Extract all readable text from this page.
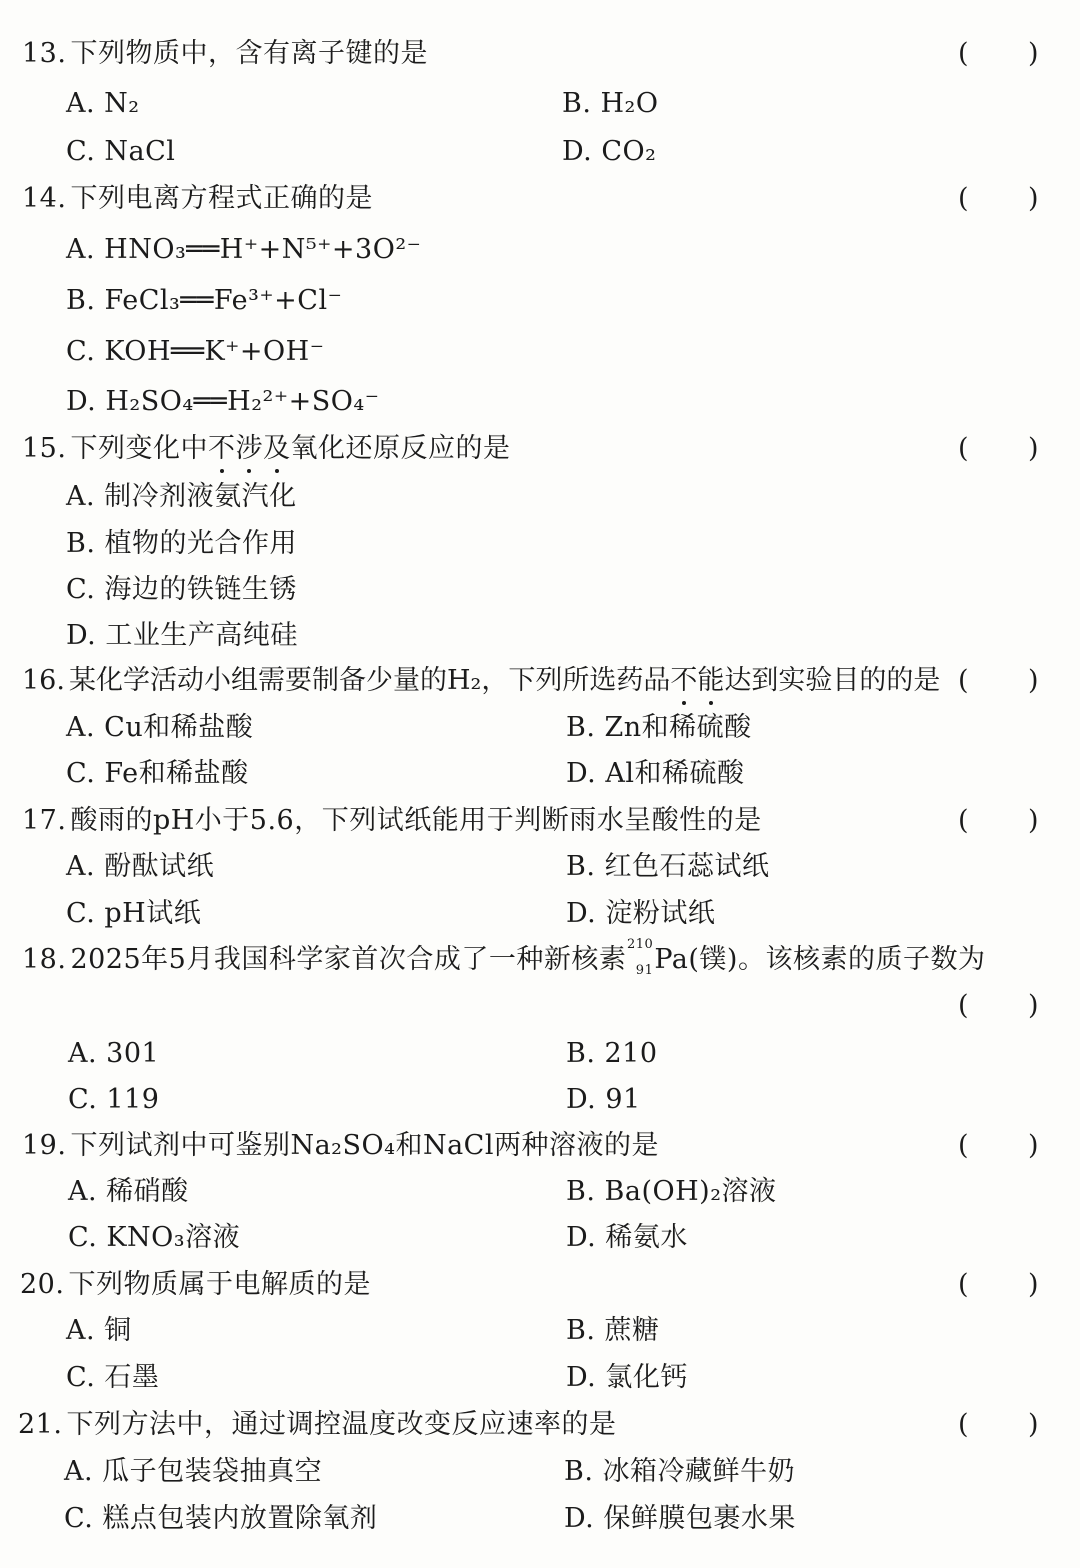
13. 下列物质中，含有离子键的是	( )
A. N₂	B. H₂O
C. NaCl	D. CO₂
14. 下列电离方程式正确的是	( )
A. HNO₃══H⁺+N⁵⁺+3O²⁻
B. FeCl₃══Fe³⁺+Cl⁻
C. KOH══K⁺+OH⁻
D. H₂SO₄══H₂²⁺+SO₄⁻
15. 下列变化中不涉及氧化还原反应的是	( )
A. 制冷剂液氨汽化
B. 植物的光合作用
C. 海边的铁链生锈
D. 工业生产高纯硅
16. 某化学活动小组需要制备少量的H₂，下列所选药品不能达到实验目的的是 ( )
A. Cu和稀盐酸	B. Zn和稀硫酸
C. Fe和稀盐酸	D. Al和稀硫酸
17. 酸雨的pH小于5.6，下列试纸能用于判断雨水呈酸性的是	( )
A. 酚酞试纸	B. 红色石蕊试纸
C. pH试纸	D. 淀粉试纸
18. 2025年5月我国科学家首次合成了一种新核素 210
91 Pa(镤)。该核素的质子数为
( )
A. 301	B. 210
C. 119	D. 91
19. 下列试剂中可鉴别Na₂SO₄和NaCl两种溶液的是	( )
A. 稀硝酸	B. Ba(OH)₂溶液
C. KNO₃溶液	D. 稀氨水
20. 下列物质属于电解质的是	( )
A. 铜	B. 蔗糖
C. 石墨	D. 氯化钙
21. 下列方法中，通过调控温度改变反应速率的是	( )
A. 瓜子包装袋抽真空	B. 冰箱冷藏鲜牛奶
C. 糕点包装内放置除氧剂	D. 保鲜膜包裹水果
